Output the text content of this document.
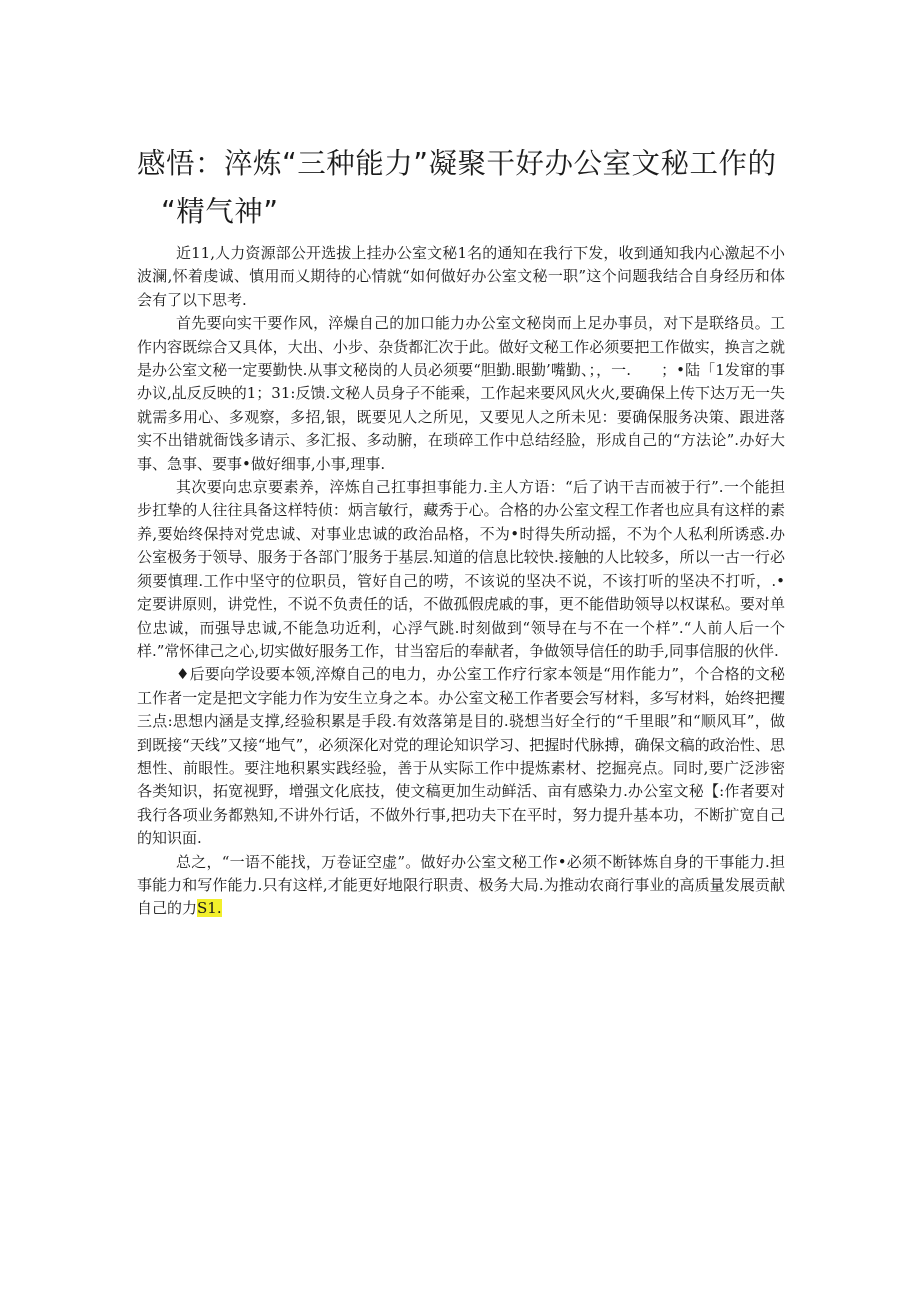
感悟：淬炼“三种能力”凝聚干好办公室文秘工作的
“精气神”

近11,人力资源部公开选拔上挂办公室文秘1名的通知在我行下发，收到通知我内心激起不小波澜,怀着虔诚、慎用而乂期待的心情就“如何做好办公室文秘一职”这个问题我结合自身经历和体会有了以下思考.

首先要向实干要作风，淬燥自己的加口能力办公室文秘岗而上足办事员，对下是联络员。工作内容既综合又具体，大出、小步、杂货都汇次于此。做好文秘工作必须要把工作做实，换言之就是办公室文秘一定要勤快.从事文秘岗的人员必须要“胆勤.眼勤’嘴勤、；，一.　　；•陆「1发窜的事办议,乩反反映的1；31:反馈.文秘人员身子不能乘，工作起来要风风火火,要确保上传下达万无一失就需多用心、多观察，多招,银，既要见人之所见，又要见人之所未见：要确保服务决策、跟进落实不出错就衙饯多请示、多汇报、多动腑，在琐碎工作中总结经脸，形成自己的“方法论”.办好大事、急事、要事•做好细事,小事,理事.

其次要向忠京要素养，淬炼自己扛事担事能力.主人方语：“后了讷干吉而被于行”.一个能担步扛挚的人往往具备这样特侦：炳言敏行，藏秀于心。合格的办公室文程工作者也应具有这样的素养,要始终保持对党忠诚、对事业忠诚的政治品格，不为•时得失所动摇，不为个人私利所诱惑.办公室极务于领导、服务于各部门’服务于基层.知道的信息比较快.接触的人比较多，所以一古一行必须要慎理.工作中坚守的位职员，管好自己的唠，不该说的坚决不说，不该打听的坚决不打听，.•定要讲原则，讲党性，不说不负责任的话，不做孤假虎戚的事，更不能借助领导以权谋私。要对单位忠诚，而强导忠诚,不能急功近利，心浮气跳.时刻做到“领导在与不在一个样”.“人前人后一个样.”常怀律己之心,切实做好服务工作，甘当窑后的奉献者，争做领导信任的助手,同事信服的伙伴.

♦后要向学设要本领,淬燎自己的电力，办公室工作疗行家本领是“用作能力”，个合格的文秘工作者一定是把文字能力作为安生立身之本。办公室文秘工作者要会写材料，多写材料，始终把攫三点:思想内涵是支撑,经验积累是手段.有效落第是目的.骁想当好全行的“千里眼”和“顺风耳”，做到既接“天线”又接“地气”，必须深化对党的理论知识学习、把握时代脉搏，确保文稿的政治性、思想性、前眼性。要注地积累实践经验，善于从实际工作中提炼素材、挖掘亮点。同时,要广泛涉密各类知识，拓宽视野，增强文化底技，使文稿更加生动鲜活、亩有感染力.办公室文秘【:作者要对我行各项业务都熟知,不讲外行话，不做外行事,把功夫下在平时，努力提升基本功，不断扩宽自己的知识面.

总之，“一语不能找，万卷证空虚”。做好办公室文秘工作•必须不断钵炼自身的干事能力.担事能力和写作能力.只有这样,才能更好地限行职责、极务大局.为推动农商行事业的高质量发展贡献自己的力S1.
